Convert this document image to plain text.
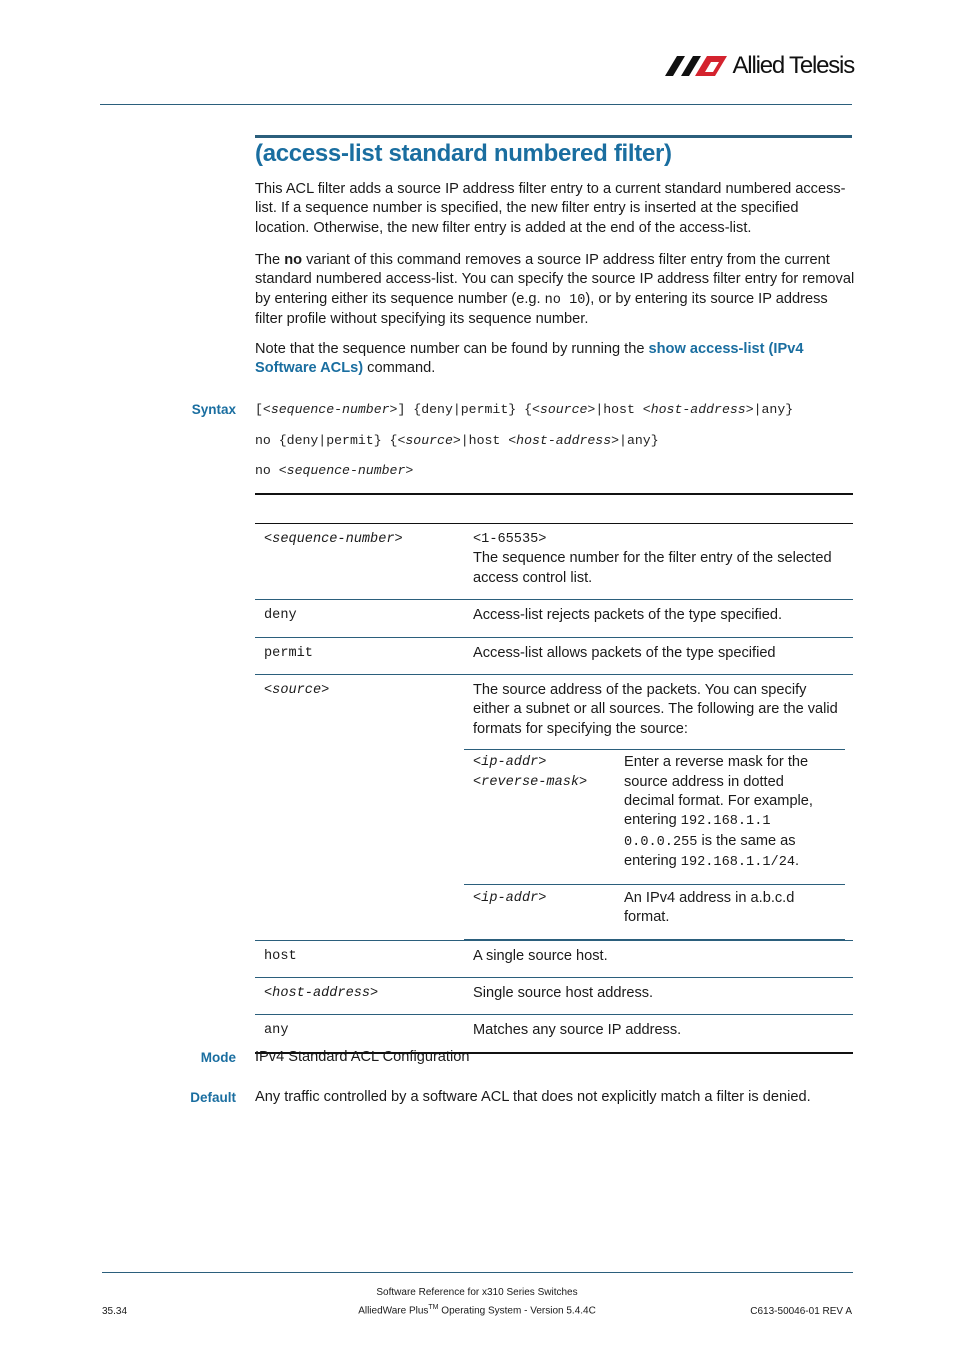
Allied Telesis
(access-list standard numbered filter)
This ACL filter adds a source IP address filter entry to a current standard numbered access-list. If a sequence number is specified, the new filter entry is inserted at the specified location. Otherwise, the new filter entry is added at the end of the access-list.
The no variant of this command removes a source IP address filter entry from the current standard numbered access-list. You can specify the source IP address filter entry for removal by entering either its sequence number (e.g. no 10), or by entering its source IP address filter profile without specifying its sequence number.
Note that the sequence number can be found by running the show access-list (IPv4 Software ACLs) command.
Syntax [<sequence-number>] {deny|permit} {<source>|host <host-address>|any}
no {deny|permit} {<source>|host <host-address>|any}
no <sequence-number>

<sequence-number>	<1-65535>
The sequence number for the filter entry of the selected access control list.

deny	Access-list rejects packets of the type specified.
permit	Access-list allows packets of the type specified
<source>	The source address of the packets. You can specify either a subnet or all sources. The following are the valid formats for specifying the source:
<ip-addr>
<reverse-mask>
	Enter a reverse mask for the source address in dotted decimal format. For example, entering 192.168.1.1 0.0.0.255 is the same as entering 192.168.1.1/24.
<ip-addr>	An IPv4 address in a.b.c.d format.

host	A single source host.
<host-address>	Single source host address.
any	Matches any source IP address.
Mode IPv4 Standard ACL Configuration
Default Any traffic controlled by a software ACL that does not explicitly match a filter is denied.
Software Reference for x310 Series Switches
35.34	AlliedWare Plus™ Operating System - Version 5.4.4C	C613-50046-01 REV A
